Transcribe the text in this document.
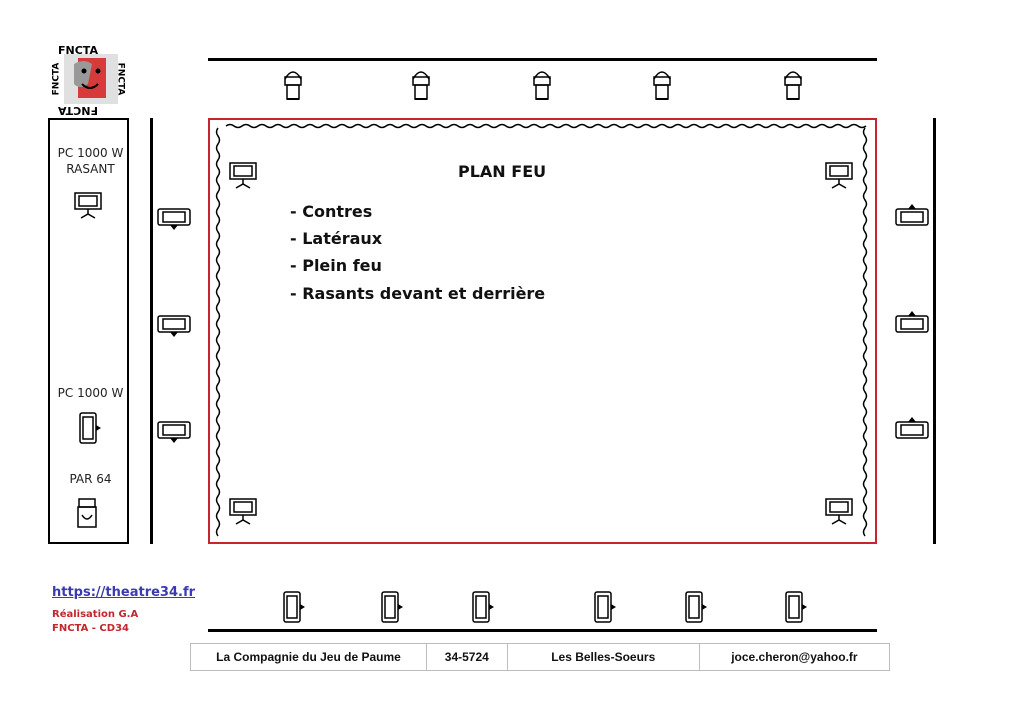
FNCTA
FNCTA
FNCTA	FNCTA
PC 1000 W
RASANT
PC 1000 W
PAR 64
PLAN FEU
- Contres
- Latéraux
- Plein feu
- Rasants devant et derrière
https://theatre34.fr
Réalisation G.A
FNCTA - CD34
La Compagnie du Jeu de Paume	34-5724	Les Belles-Soeurs	joce.cheron@yahoo.fr
